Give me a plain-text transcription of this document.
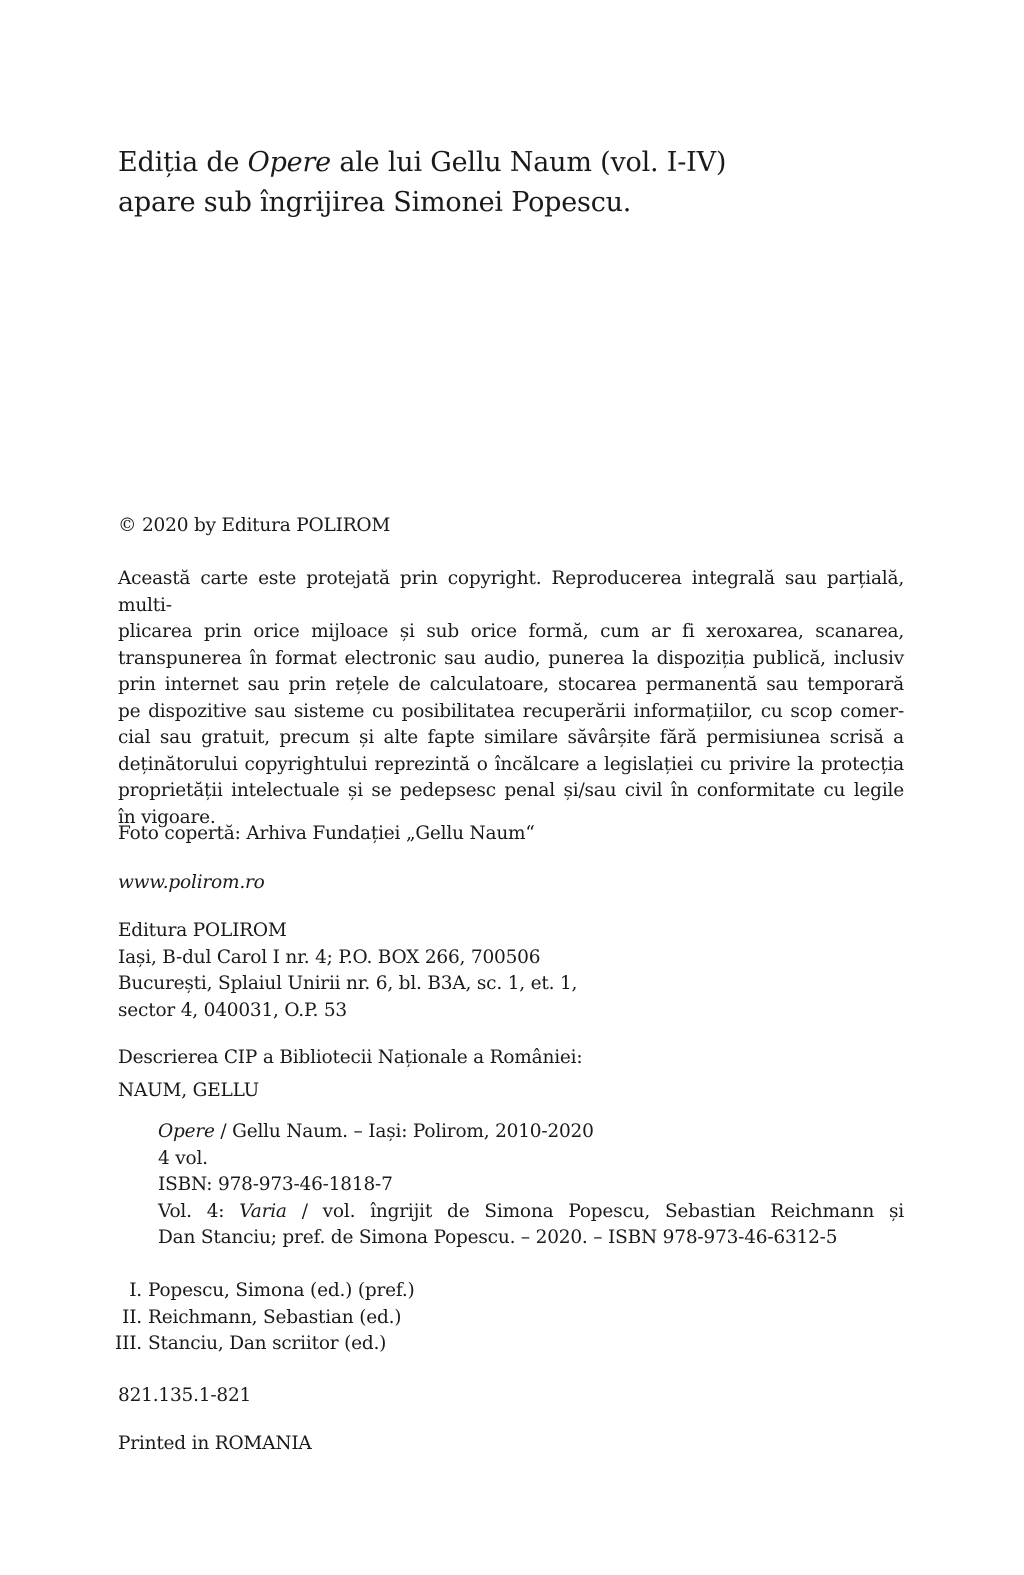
Ediția de Opere ale lui Gellu Naum (vol. I-IV)
apare sub îngrijirea Simonei Popescu.
© 2020 by Editura POLIROM
Această carte este protejată prin copyright. Reproducerea integrală sau parțială, multi-
plicarea prin orice mijloace și sub orice formă, cum ar fi xeroxarea, scanarea,
transpunerea în format electronic sau audio, punerea la dispoziția publică, inclusiv
prin internet sau prin rețele de calculatoare, stocarea permanentă sau temporară
pe dispozitive sau sisteme cu posibilitatea recuperării informațiilor, cu scop comer-
cial sau gratuit, precum și alte fapte similare săvârșite fără permisiunea scrisă a
deținătorului copyrightului reprezintă o încălcare a legislației cu privire la protecția
proprietății intelectuale și se pedepsesc penal și/sau civil în conformitate cu legile
în vigoare.
Foto copertă: Arhiva Fundației „Gellu Naum“
www.polirom.ro
Editura POLIROM
Iași, B-dul Carol I nr. 4; P.O. BOX 266, 700506
București, Splaiul Unirii nr. 6, bl. B3A, sc. 1, et. 1,
sector 4, 040031, O.P. 53
Descrierea CIP a Bibliotecii Naționale a României:
NAUM, GELLU
Opere / Gellu Naum. – Iași: Polirom, 2010-2020
4 vol.
ISBN: 978-973-46-1818-7
Vol. 4: Varia / vol. îngrijit de Simona Popescu, Sebastian Reichmann și
Dan Stanciu; pref. de Simona Popescu. – 2020. – ISBN 978-973-46-6312-5
I. Popescu, Simona (ed.) (pref.)
II. Reichmann, Sebastian (ed.)
III. Stanciu, Dan scriitor (ed.)
821.135.1-821
Printed in ROMANIA
